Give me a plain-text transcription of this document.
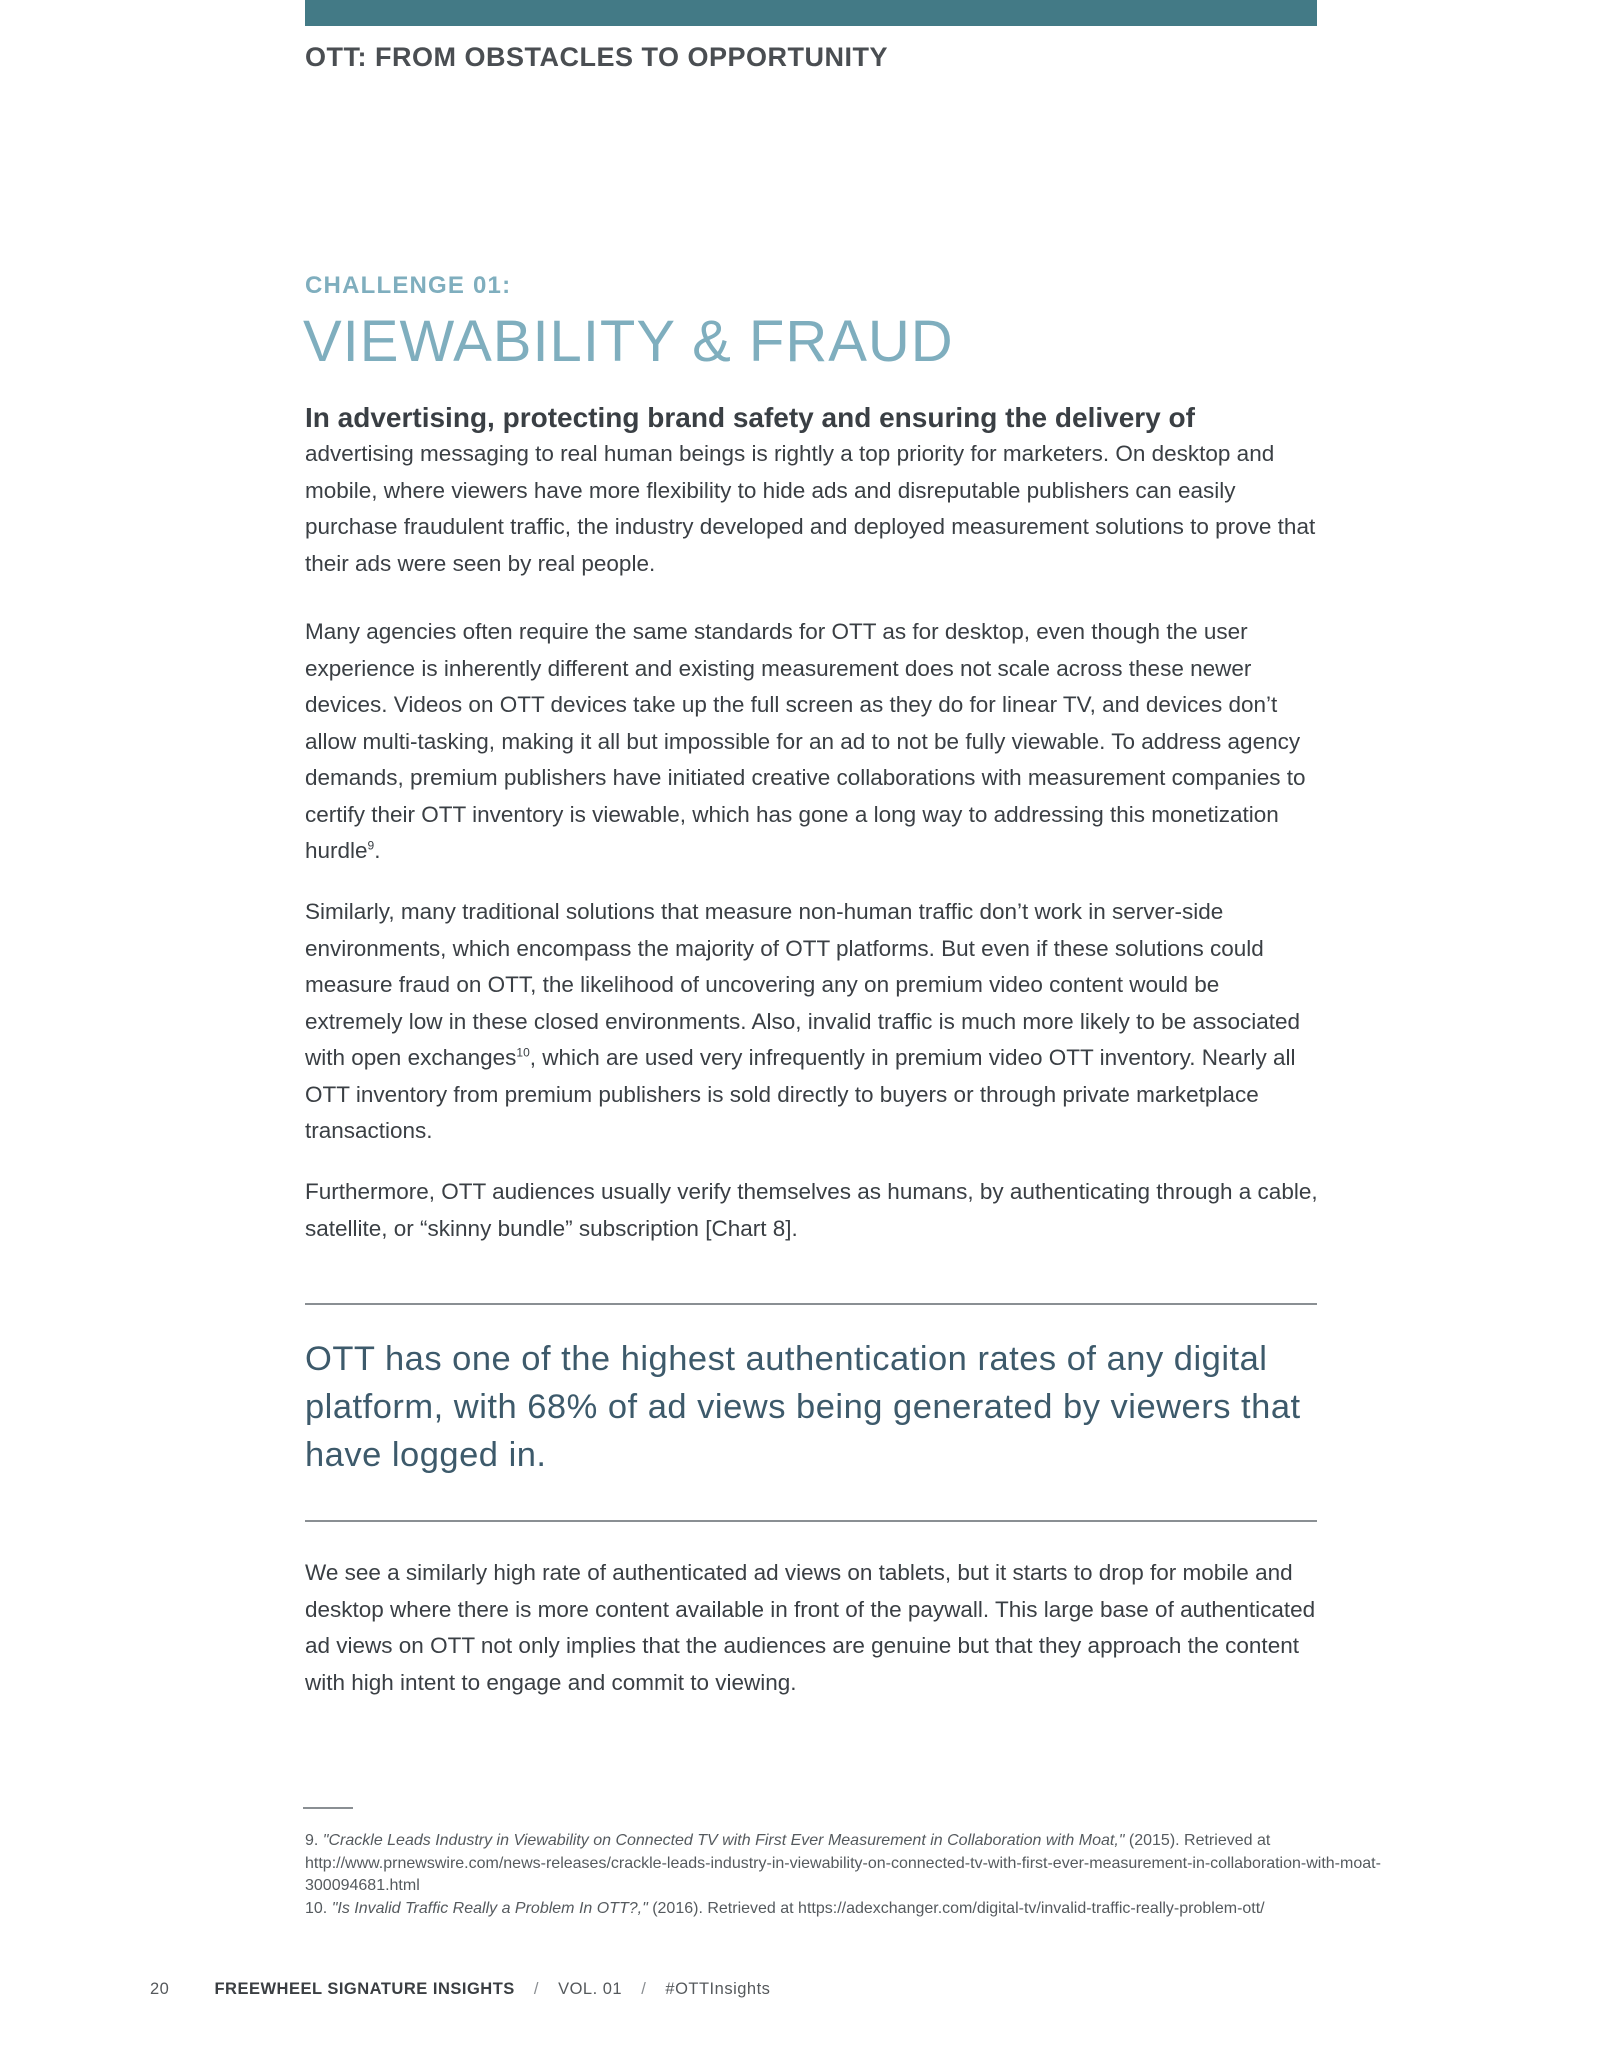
OTT: FROM OBSTACLES TO OPPORTUNITY
CHALLENGE 01:
VIEWABILITY & FRAUD

In advertising, protecting brand safety and ensuring the delivery of
advertising messaging to real human beings is rightly a top priority for marketers. On desktop and mobile, where viewers have more flexibility to hide ads and disreputable publishers can easily purchase fraudulent traffic, the industry developed and deployed measurement solutions to prove that their ads were seen by real people.

Many agencies often require the same standards for OTT as for desktop, even though the user experience is inherently different and existing measurement does not scale across these newer devices. Videos on OTT devices take up the full screen as they do for linear TV, and devices don’t allow multi-tasking, making it all but impossible for an ad to not be fully viewable. To address agency demands, premium publishers have initiated creative collaborations with measurement companies to certify their OTT inventory is viewable, which has gone a long way to addressing this monetization hurdle$^9$.

Similarly, many traditional solutions that measure non-human traffic don’t work in server-side environments, which encompass the majority of OTT platforms. But even if these solutions could measure fraud on OTT, the likelihood of uncovering any on premium video content would be extremely low in these closed environments. Also, invalid traffic is much more likely to be associated with open exchanges$^{10}$, which are used very infrequently in premium video OTT inventory. Nearly all OTT inventory from premium publishers is sold directly to buyers or through private marketplace transactions.

Furthermore, OTT audiences usually verify themselves as humans, by authenticating through a cable, satellite, or “skinny bundle” subscription [Chart 8].

OTT has one of the highest authentication rates of any digital platform, with 68% of ad views being generated by viewers that have logged in.

We see a similarly high rate of authenticated ad views on tablets, but it starts to drop for mobile and desktop where there is more content available in front of the paywall. This large base of authenticated ad views on OTT not only implies that the audiences are genuine but that they approach the content with high intent to engage and commit to viewing.

9. "Crackle Leads Industry in Viewability on Connected TV with First Ever Measurement in Collaboration with Moat," (2015). Retrieved at http://www.prnewswire.com/news-releases/crackle-leads-industry-in-viewability-on-connected-tv-with-first-ever-measurement-in-collaboration-with-moat-300094681.html

10. "Is Invalid Traffic Really a Problem In OTT?," (2016). Retrieved at https://adexchanger.com/digital-tv/invalid-traffic-really-problem-ott/

20	FREEWHEEL SIGNATURE INSIGHTS / VOL. 01 / #OTTInsights
